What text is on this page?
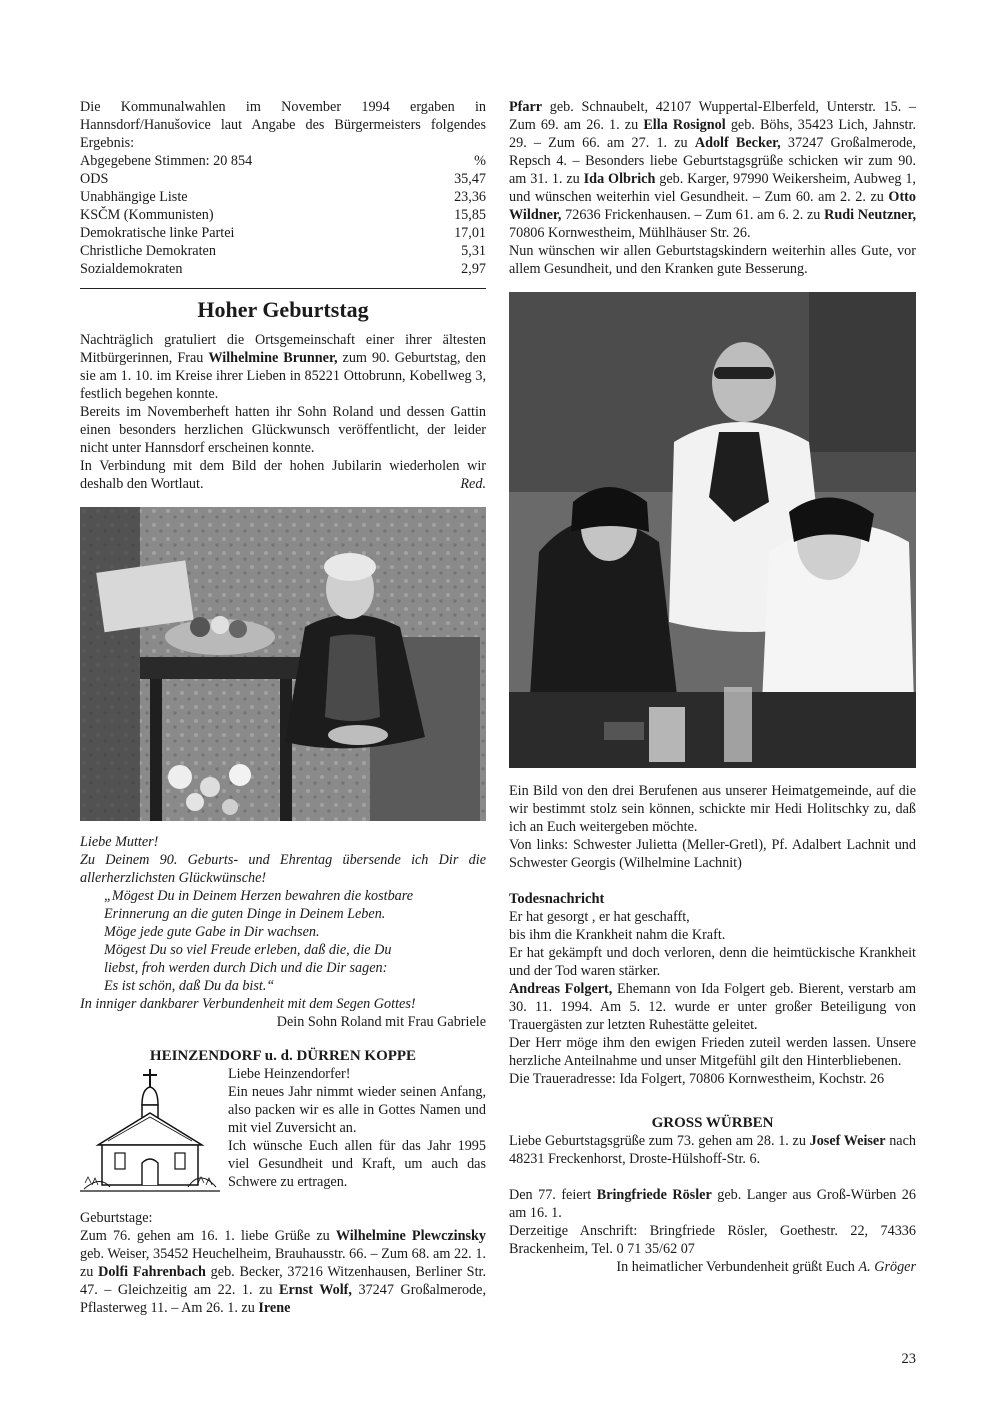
Die Kommunalwahlen im November 1994 ergaben in Hannsdorf/Hanušovice laut Angabe des Bürgermeisters folgendes Ergebnis:

Abgegebene Stimmen: 20 854	%
ODS	35,47
Unabhängige Liste	23,36
KSČM (Kommunisten)	15,85
Demokratische linke Partei	17,01
Christliche Demokraten	5,31
Sozialdemokraten	2,97
Hoher Geburtstag

Nachträglich gratuliert die Ortsgemeinschaft einer ihrer ältesten Mitbürgerinnen, Frau Wilhelmine Brunner, zum 90. Geburtstag, den sie am 1. 10. im Kreise ihrer Lieben in 85221 Ottobrunn, Kobellweg 3, festlich begehen konnte.

Bereits im Novemberheft hatten ihr Sohn Roland und dessen Gattin einen besonders herzlichen Glückwunsch veröffentlicht, der leider nicht unter Hannsdorf erscheinen konnte.

In Verbindung mit dem Bild der hohen Jubilarin wiederholen wir deshalb den Wortlaut.	Red.

Liebe Mutter!

Zu Deinem 90. Geburts- und Ehrentag übersende ich Dir die allerherzlichsten Glückwünsche!

„Mögest Du in Deinem Herzen bewahren die kostbare

Erinnerung an die guten Dinge in Deinem Leben.

Möge jede gute Gabe in Dir wachsen.

Mögest Du so viel Freude erleben, daß die, die Du

liebst, froh werden durch Dich und die Dir sagen:

Es ist schön, daß Du da bist.“

In inniger dankbarer Verbundenheit mit dem Segen Gottes!

Dein Sohn Roland mit Frau Gabriele

HEINZENDORF u. d. DÜRREN KOPPE

Liebe Heinzendorfer!

Ein neues Jahr nimmt wieder seinen Anfang, also packen wir es alle in Gottes Namen und mit viel Zuversicht an.

Ich wünsche Euch allen für das Jahr 1995 viel Gesundheit und Kraft, um auch das Schwere zu ertragen.

Geburtstage:

Zum 76. gehen am 16. 1. liebe Grüße zu Wilhelmine Plewczinsky geb. Weiser, 35452 Heuchelheim, Brauhausstr. 66. – Zum 68. am 22. 1. zu Dolfi Fahrenbach geb. Becker, 37216 Witzenhausen, Berliner Str. 47. – Gleichzeitig am 22. 1. zu Ernst Wolf, 37247 Großalmerode, Pflasterweg 11. – Am 26. 1. zu Irene

Pfarr geb. Schnaubelt, 42107 Wuppertal-Elberfeld, Unterstr. 15. – Zum 69. am 26. 1. zu Ella Rosignol geb. Böhs, 35423 Lich, Jahnstr. 29. – Zum 66. am 27. 1. zu Adolf Becker, 37247 Großalmerode, Repsch 4. – Besonders liebe Geburtstagsgrüße schicken wir zum 90. am 31. 1. zu Ida Olbrich geb. Karger, 97990 Weikersheim, Aubweg 1, und wünschen weiterhin viel Gesundheit. – Zum 60. am 2. 2. zu Otto Wildner, 72636 Frickenhausen. – Zum 61. am 6. 2. zu Rudi Neutzner, 70806 Kornwestheim, Mühlhäuser Str. 26.

Nun wünschen wir allen Geburtstagskindern weiterhin alles Gute, vor allem Gesundheit, und den Kranken gute Besserung.

Ein Bild von den drei Berufenen aus unserer Heimatgemeinde, auf die wir bestimmt stolz sein können, schickte mir Hedi Holitschky zu, daß ich an Euch weitergeben möchte.

Von links: Schwester Julietta (Meller-Gretl), Pf. Adalbert Lachnit und Schwester Georgis (Wilhelmine Lachnit)

Todesnachricht

Er hat gesorgt , er hat geschafft,

bis ihm die Krankheit nahm die Kraft.

Er hat gekämpft und doch verloren, denn die heimtückische Krankheit und der Tod waren stärker.

Andreas Folgert, Ehemann von Ida Folgert geb. Bierent, verstarb am 30. 11. 1994. Am 5. 12. wurde er unter großer Beteiligung von Trauergästen zur letzten Ruhestätte geleitet.

Der Herr möge ihm den ewigen Frieden zuteil werden lassen. Unsere herzliche Anteilnahme und unser Mitgefühl gilt den Hinterbliebenen.

Die Traueradresse: Ida Folgert, 70806 Kornwestheim, Kochstr. 26

GROSS WÜRBEN

Liebe Geburtstagsgrüße zum 73. gehen am 28. 1. zu Josef Weiser nach 48231 Freckenhorst, Droste-Hülshoff-Str. 6.

Den 77. feiert Bringfriede Rösler geb. Langer aus Groß-Würben 26 am 16. 1.

Derzeitige Anschrift: Bringfriede Rösler, Goethestr. 22, 74336 Brackenheim, Tel. 0 71 35/62 07

In heimatlicher Verbundenheit grüßt Euch A. Gröger

23
